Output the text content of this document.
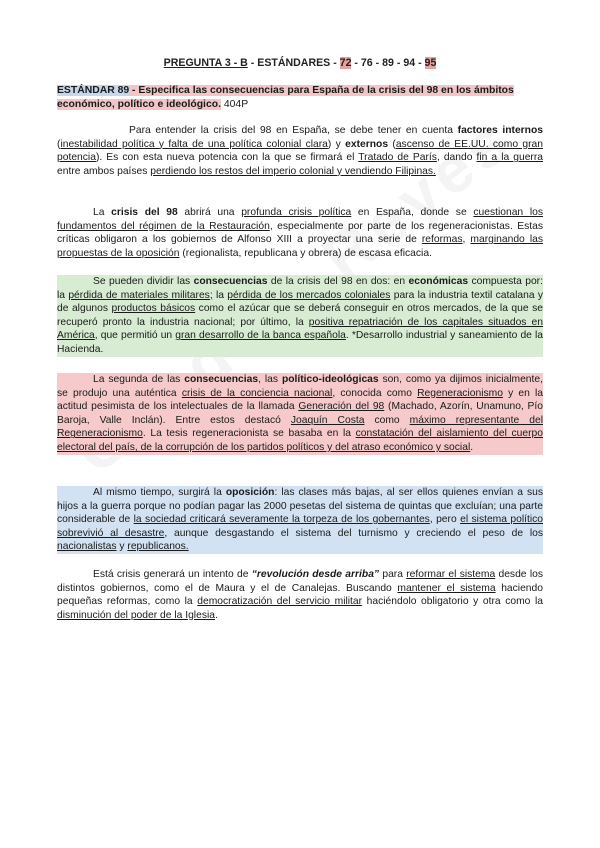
PREGUNTA 3 - B - ESTÁNDARES - 72 - 76 - 89 - 94 - 95
ESTÁNDAR 89 - Especifica las consecuencias para España de la crisis del 98 en los ámbitos económico, político e ideológico. 404P

Para entender la crisis del 98 en España, se debe tener en cuenta factores internos (inestabilidad política y falta de una política colonial clara) y externos (ascenso de EE.UU. como gran potencia). Es con esta nueva potencia con la que se firmará el Tratado de París, dando fin a la guerra entre ambos países perdiendo los restos del imperio colonial y vendiendo Filipinas.

La crisis del 98 abrirá una profunda crisis política en España, donde se cuestionan los fundamentos del régimen de la Restauración, especialmente por parte de los regeneracionistas. Estas críticas obligaron a los gobiernos de Alfonso XIII a proyectar una serie de reformas, marginando las propuestas de la oposición (regionalista, republicana y obrera) de escasa eficacia.

Se pueden dividir las consecuencias de la crisis del 98 en dos: en económicas compuesta por: la pérdida de materiales militares; la pérdida de los mercados coloniales para la industria textil catalana y de algunos productos básicos como el azúcar que se deberá conseguir en otros mercados, de la que se recuperó pronto la industria nacional; por último, la positiva repatriación de los capitales situados en América, que permitió un gran desarrollo de la banca española. *Desarrollo industrial y saneamiento de la Hacienda.

La segunda de las consecuencias, las político-ideológicas son, como ya dijimos inicialmente, se produjo una auténtica crisis de la conciencia nacional, conocida como Regeneracionismo y en la actitud pesimista de los intelectuales de la llamada Generación del 98 (Machado, Azorín, Unamuno, Pío Baroja, Valle Inclán). Entre estos destacó Joaquín Costa como máximo representante del Regeneracionismo. La tesis regeneracionista se basaba en la constatación del aislamiento del cuerpo electoral del país, de la corrupción de los partidos políticos y del atraso económico y social.

Al mismo tiempo, surgirá la oposición: las clases más bajas, al ser ellos quienes envían a sus hijos a la guerra porque no podían pagar las 2000 pesetas del sistema de quintas que excluían; una parte considerable de la sociedad criticará severamente la torpeza de los gobernantes, pero el sistema político sobrevivió al desastre, aunque desgastando el sistema del turnismo y creciendo el peso de los nacionalistas y republicanos.

Está crisis generará un intento de “revolución desde arriba” para reformar el sistema desde los distintos gobiernos, como el de Maura y el de Canalejas. Buscando mantener el sistema haciendo pequeñas reformas, como la democratización del servicio militar haciéndolo obligatorio y otra como la disminución del poder de la Iglesia.
